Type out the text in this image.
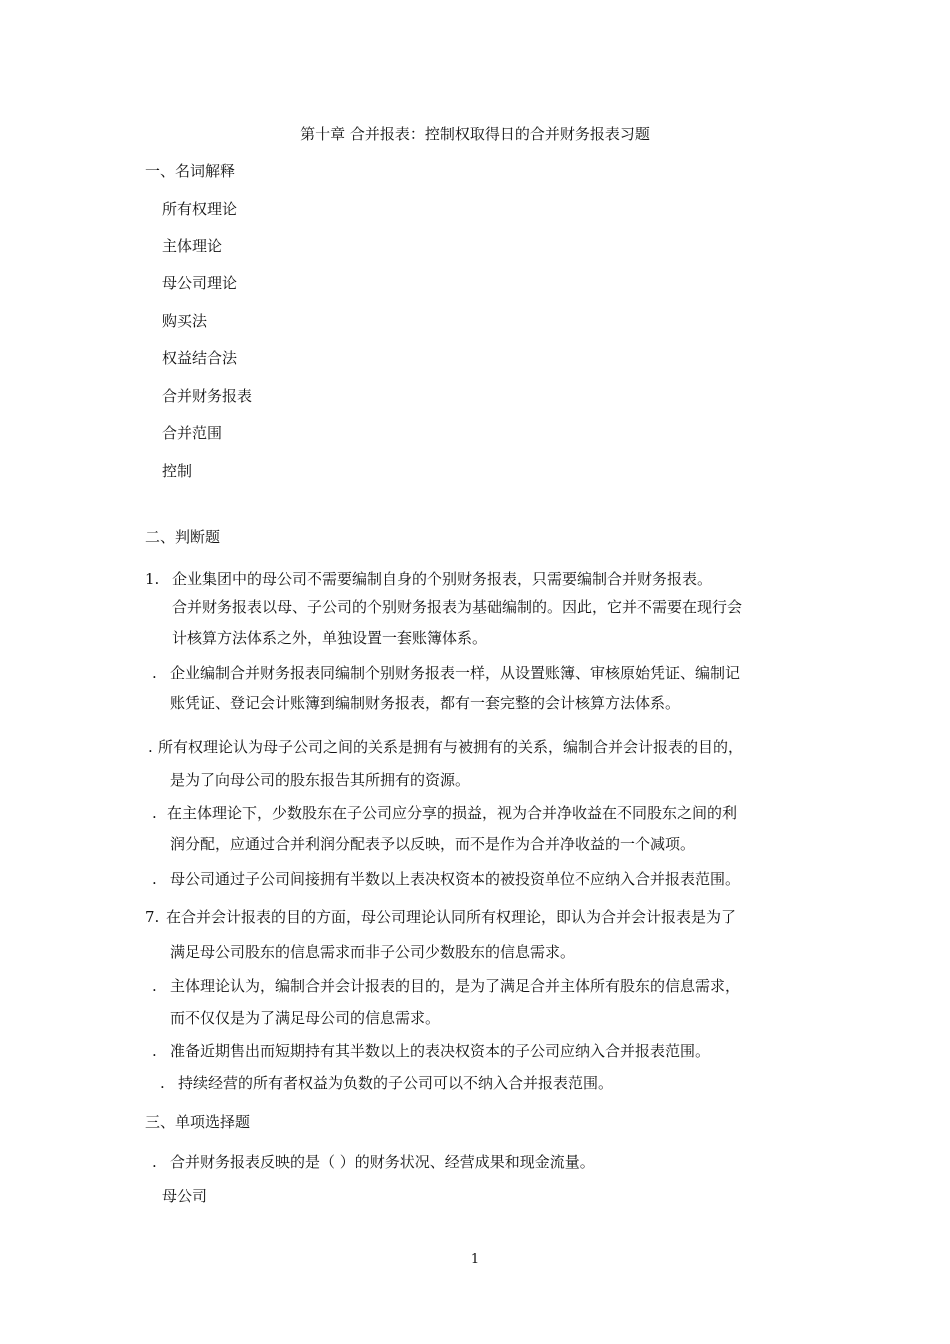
第十章 合并报表：控制权取得日的合并财务报表习题
一、名词解释
所有权理论
主体理论
母公司理论
购买法
权益结合法
合并财务报表
合并范围
控制
二、判断题
1. 企业集团中的母公司不需要编制自身的个别财务报表，只需要编制合并财务报表。
合并财务报表以母、子公司的个别财务报表为基础编制的。因此，它并不需要在现行会
计核算方法体系之外，单独设置一套账簿体系。
. 企业编制合并财务报表同编制个别财务报表一样，从设置账簿、审核原始凭证、编制记
账凭证、登记会计账簿到编制财务报表，都有一套完整的会计核算方法体系。
. 所有权理论认为母子公司之间的关系是拥有与被拥有的关系，编制合并会计报表的目的，
是为了向母公司的股东报告其所拥有的资源。
. 在主体理论下，少数股东在子公司应分享的损益，视为合并净收益在不同股东之间的利
润分配，应通过合并利润分配表予以反映，而不是作为合并净收益的一个减项。
. 母公司通过子公司间接拥有半数以上表决权资本的被投资单位不应纳入合并报表范围。
7. 在合并会计报表的目的方面，母公司理论认同所有权理论，即认为合并会计报表是为了
满足母公司股东的信息需求而非子公司少数股东的信息需求。
. 主体理论认为，编制合并会计报表的目的，是为了满足合并主体所有股东的信息需求，
而不仅仅是为了满足母公司的信息需求。
. 准备近期售出而短期持有其半数以上的表决权资本的子公司应纳入合并报表范围。
. 持续经营的所有者权益为负数的子公司可以不纳入合并报表范围。
三、单项选择题
. 合并财务报表反映的是（ ）的财务状况、经营成果和现金流量。
母公司
1
